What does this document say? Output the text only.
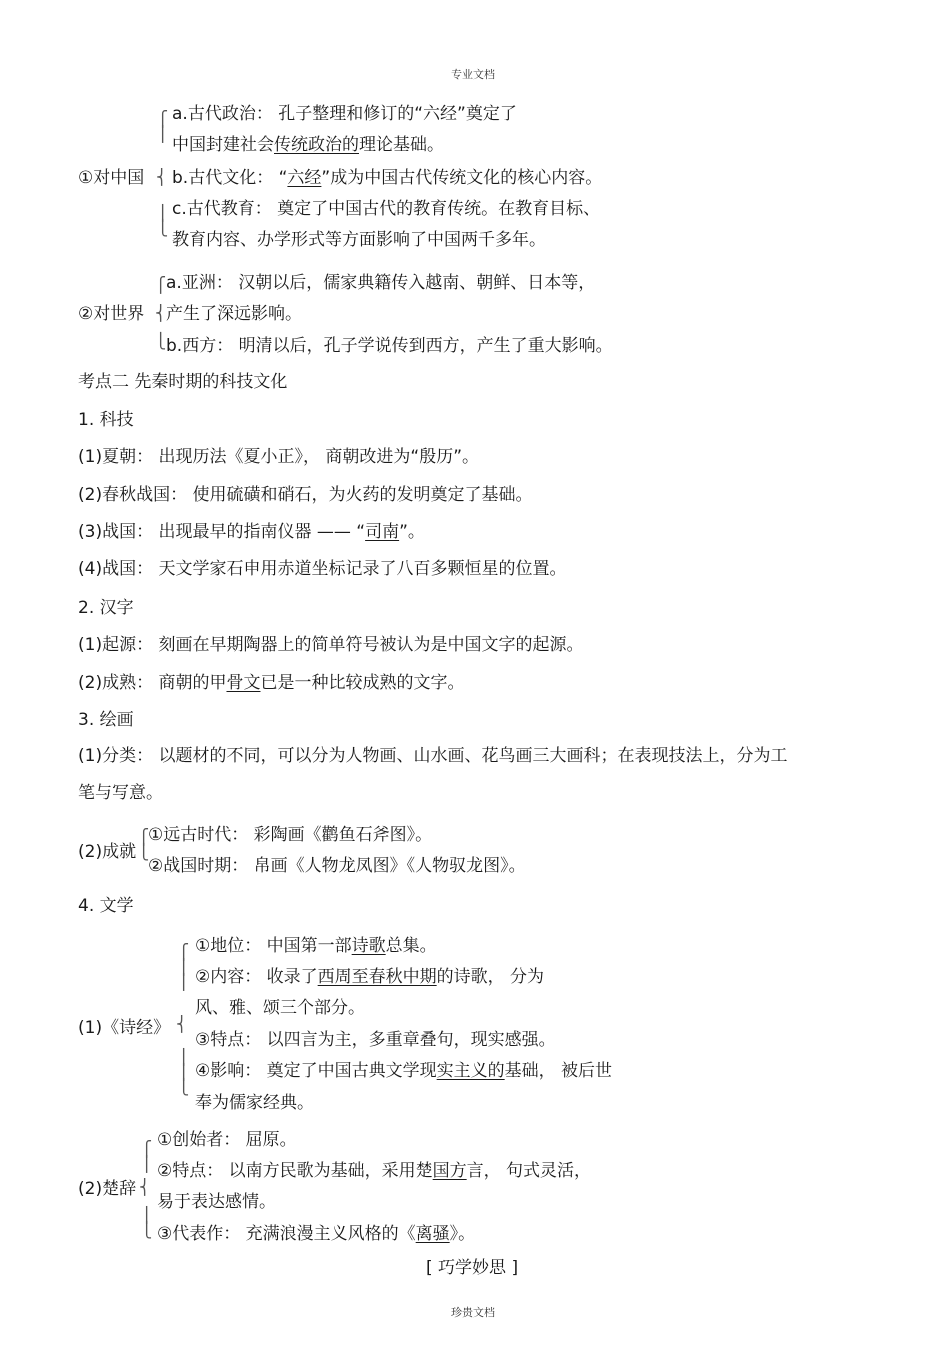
专业文档
a.古代政治： 孔子整理和修订的“六经”奠定了
中国封建社会传统政治的理论基础。
⎧
⎪
①对中国 ⎨ b.古代文化： “六经”成为中国古代传统文化的核心内容。
c.古代教育： 奠定了中国古代的教育传统。在教育目标、
⎪
⎩
教育内容、办学形式等方面影响了中国两千多年。
a.亚洲： 汉朝以后，儒家典籍传入越南、朝鲜、日本等，
⎧
②对世界 ⎨ 产生了深远影响。
⎩ b.西方： 明清以后，孔子学说传到西方，产生了重大影响。
考点二 先秦时期的科技文化
1. 科技
(1)夏朝： 出现历法《夏小正》， 商朝改进为“殷历”。
(2)春秋战国： 使用硫磺和硝石，为火药的发明奠定了基础。
(3)战国： 出现最早的指南仪器 —— “司南”。
(4)战国： 天文学家石申用赤道坐标记录了八百多颗恒星的位置。
2. 汉字
(1)起源： 刻画在早期陶器上的简单符号被认为是中国文字的起源。
(2)成熟： 商朝的甲骨文已是一种比较成熟的文字。
3. 绘画
(1)分类： 以题材的不同，可以分为人物画、山水画、花鸟画三大画科；在表现技法上，分为工
笔与写意。
(2)成就
⎧
⎩
①远古时代： 彩陶画《鹳鱼石斧图》。
②战国时期： 帛画《人物龙凤图》《人物驭龙图》。
4. 文学
⎧
⎪
⎪
(1)《诗经》 ⎨
⎪
⎪
⎩
①地位： 中国第一部诗歌总集。
②内容： 收录了西周至春秋中期的诗歌， 分为
风、雅、颂三个部分。
③特点： 以四言为主，多重章叠句，现实感强。
④影响： 奠定了中国古典文学现实主义的基础， 被后世
奉为儒家经典。
⎧
⎪
(2)楚辞 ⎨
⎪
⎩
①创始者： 屈原。
②特点： 以南方民歌为基础，采用楚国方言， 句式灵活，
易于表达感情。
③代表作： 充满浪漫主义风格的《离骚》。
[ 巧学妙思 ]
珍贵文档
